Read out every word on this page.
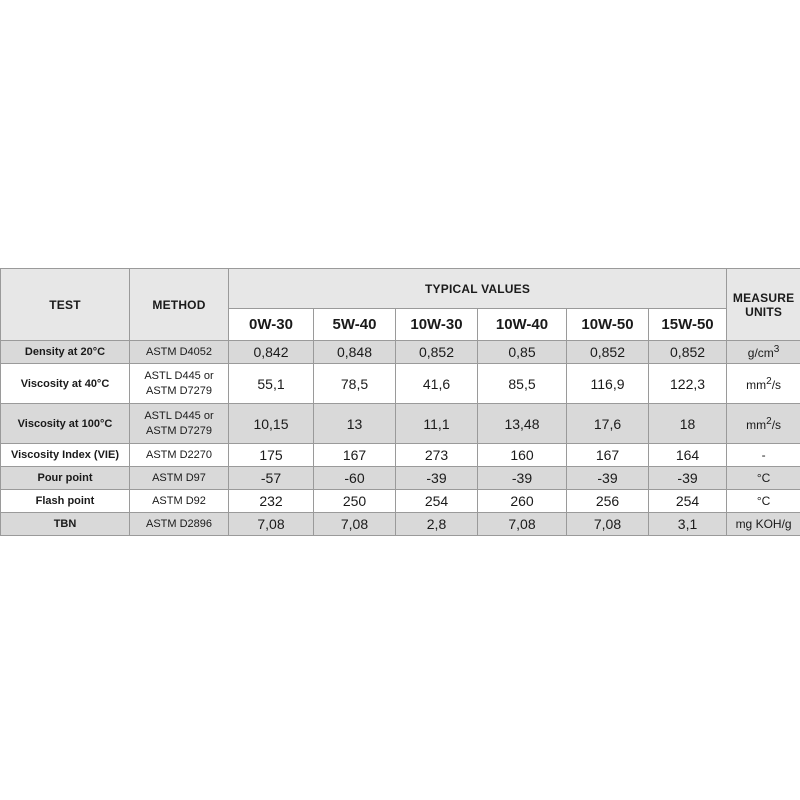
TEST	METHOD	TYPICAL VALUES						MEASURE
UNITS

		0W-30	5W-40	10W-30	10W-40	10W-50	15W-50	
Density at 20°C	ASTM D4052	0,842	0,848	0,852	0,85	0,852	0,852	$g/cm^3$
Viscosity at 40°C	ASTL D445 or
ASTM D7279	55,1	78,5	41,6	85,5	116,9	122,3	$mm^2/s$
Viscosity at 100°C	ASTL D445 or
ASTM D7279	10,15	13	11,1	13,48	17,6	18	$mm^2/s$
Viscosity Index (VIE)	ASTM D2270	175	167	273	160	167	164	-
Pour point	ASTM D97	-57	-60	-39	-39	-39	-39	°C
Flash point	ASTM D92	232	250	254	260	256	254	°C
TBN	ASTM D2896	7,08	7,08	2,8	7,08	7,08	3,1	mg KOH/g
